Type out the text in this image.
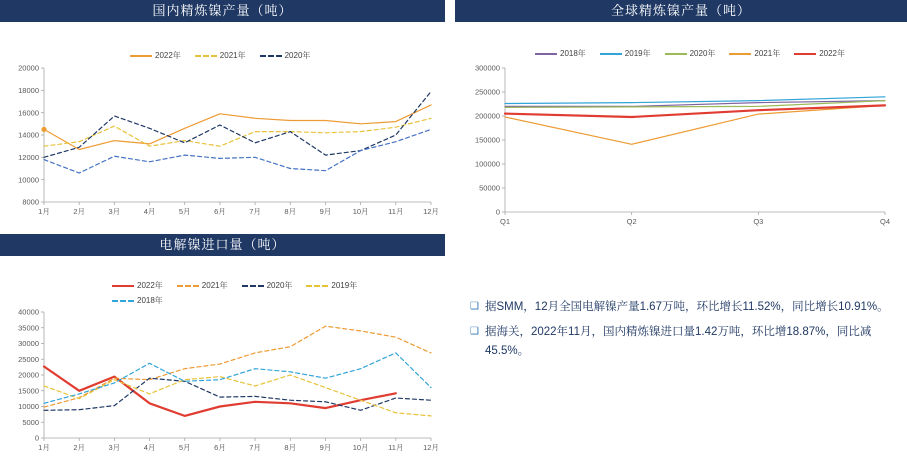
国内精炼镍产量（吨）
2022年	2021年	2020年
8000
10000
12000
14000
16000
18000
20000
1月	2月	3月	4月	5月	6月	7月	8月	9月	10月	11月	12月
全球精炼镍产量（吨）
2018年	2019年	2020年	2021年	2022年
0
50000
100000
150000
200000
250000
300000
Q1	Q2	Q3	Q4
电解镍进口量（吨）
2022年	2021年	2020年	2019年
2018年
0
5000
10000
15000
20000
25000
30000
35000
40000
1月	2月	3月	4月	5月	6月	7月	8月	9月	10月	11月	12月
❑ 据SMM，12月全国电解镍产量1.67万吨，环比增长11.52%，同比增长10.91%。
❑ 据海关，2022年11月，国内精炼镍进口量1.42万吨，环比增18.87%，同比减45.5%。
